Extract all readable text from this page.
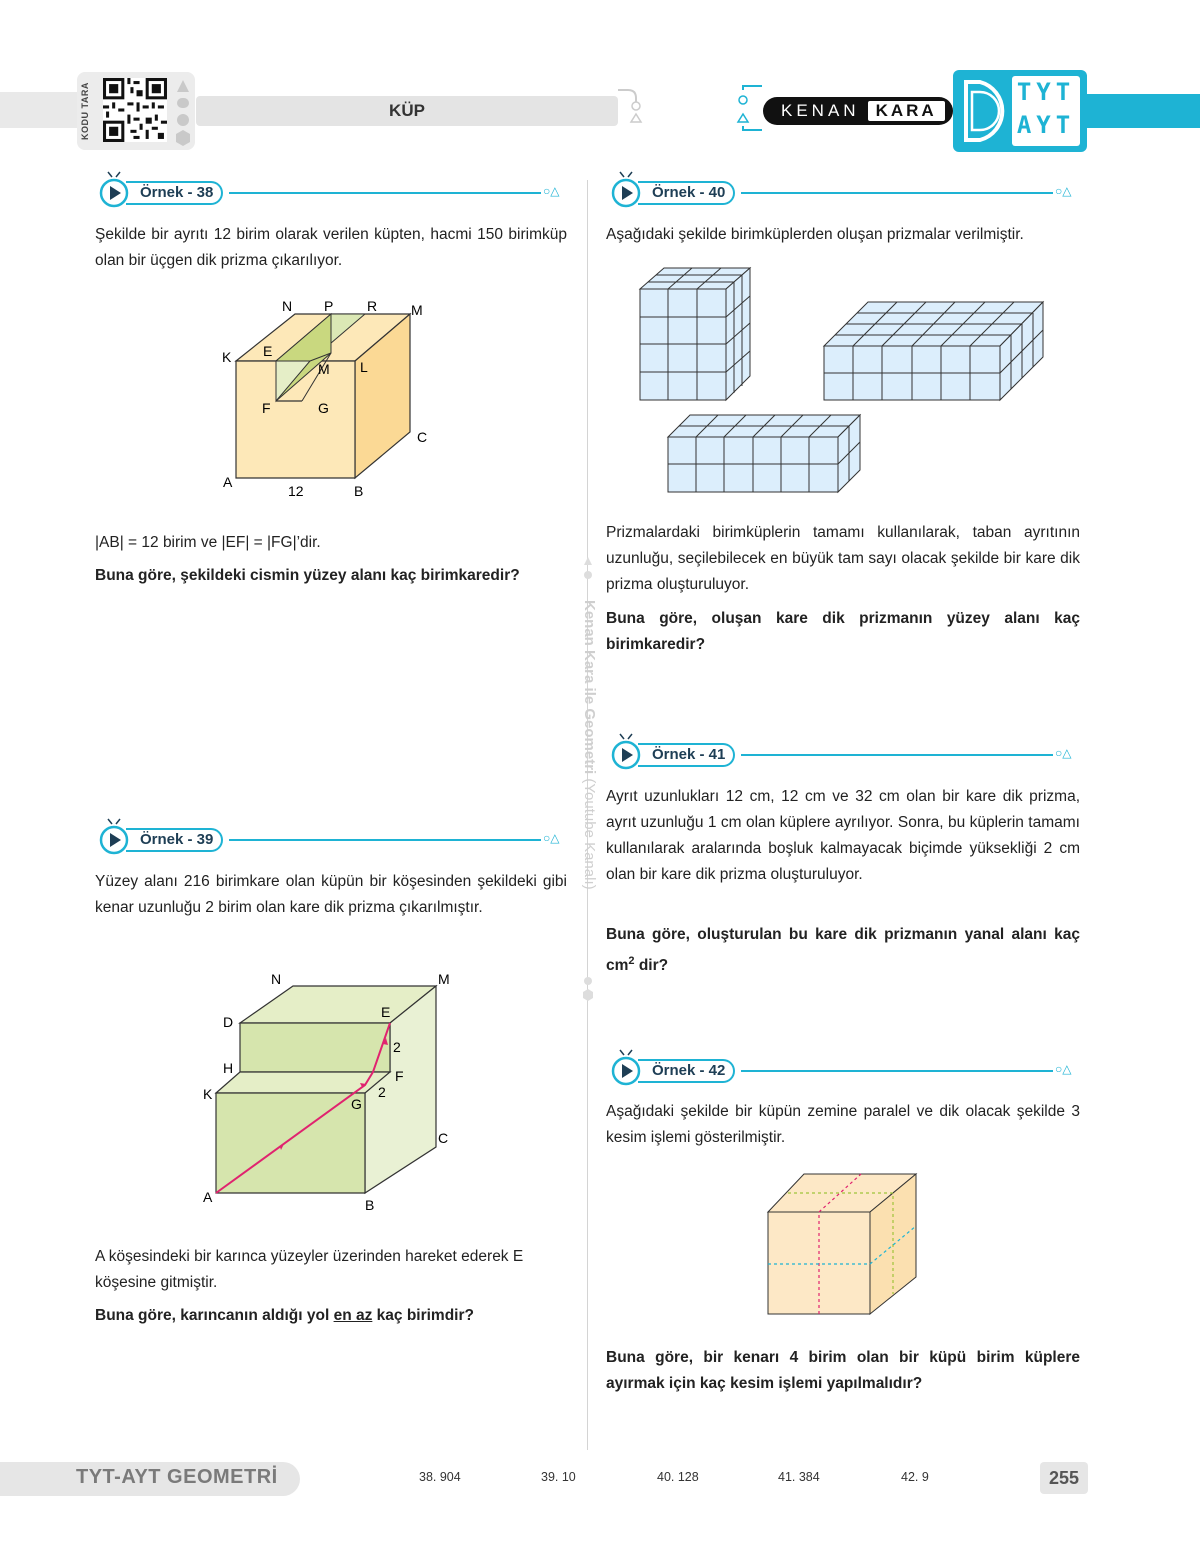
KODU TARA	KÜP	KENAN KARA
TYT
AYT
Kenan Kara ile Geometri (Youtube Kanalı)
Örnek - 38	○△
Şekilde bir ayrıtı 12 birim olarak verilen küpten, hacmi 150 birimküp olan bir üçgen dik prizma çıkarılıyor.
N P R M
K E
L
M
F	G
C
A
B
12
|AB| = 12 birim ve |EF| = |FG|’dir.
Buna göre, şekildeki cismin yüzey alanı kaç birimkaredir?
Örnek - 39	○△
Yüzey alanı 216 birimkare olan küpün bir köşesinden şekildeki gibi kenar uzunluğu 2 birim olan kare dik prizma çıkarılmıştır.
N	M
D
E
2
H	F
K
G
2
C
A	B
A köşesindeki bir karınca yüzeyler üzerinden hareket ederek E köşesine gitmiştir.
Buna göre, karıncanın aldığı yol en az kaç birimdir?
Örnek - 40	○△
Aşağıdaki şekilde birimküplerden oluşan prizmalar verilmiştir.
Prizmalardaki birimküplerin tamamı kullanılarak, taban ayrıtının uzunluğu, seçilebilecek en büyük tam sayı olacak şekilde bir kare dik prizma oluşturuluyor.
Buna göre, oluşan kare dik prizmanın yüzey alanı kaç birimkaredir?
Örnek - 41	○△
Ayrıt uzunlukları 12 cm, 12 cm ve 32 cm olan bir kare dik prizma, ayrıt uzunluğu 1 cm olan küplere ayrılıyor. Sonra, bu küplerin tamamı kullanılarak aralarında boşluk kalmayacak biçimde yüksekliği 2 cm olan bir kare dik prizma oluşturuluyor.
Buna göre, oluşturulan bu kare dik prizmanın yanal alanı kaç $cm^2$ dir?
Örnek - 42	○△
Aşağıdaki şekilde bir küpün zemine paralel ve dik olacak şekilde 3 kesim işlemi gösterilmiştir.
Buna göre, bir kenarı 4 birim olan bir küpü birim küplere ayırmak için kaç kesim işlemi yapılmalıdır?
TYT-AYT GEOMETRİ	38. 904	39. 10	40. 128	41. 384	42. 9	255
